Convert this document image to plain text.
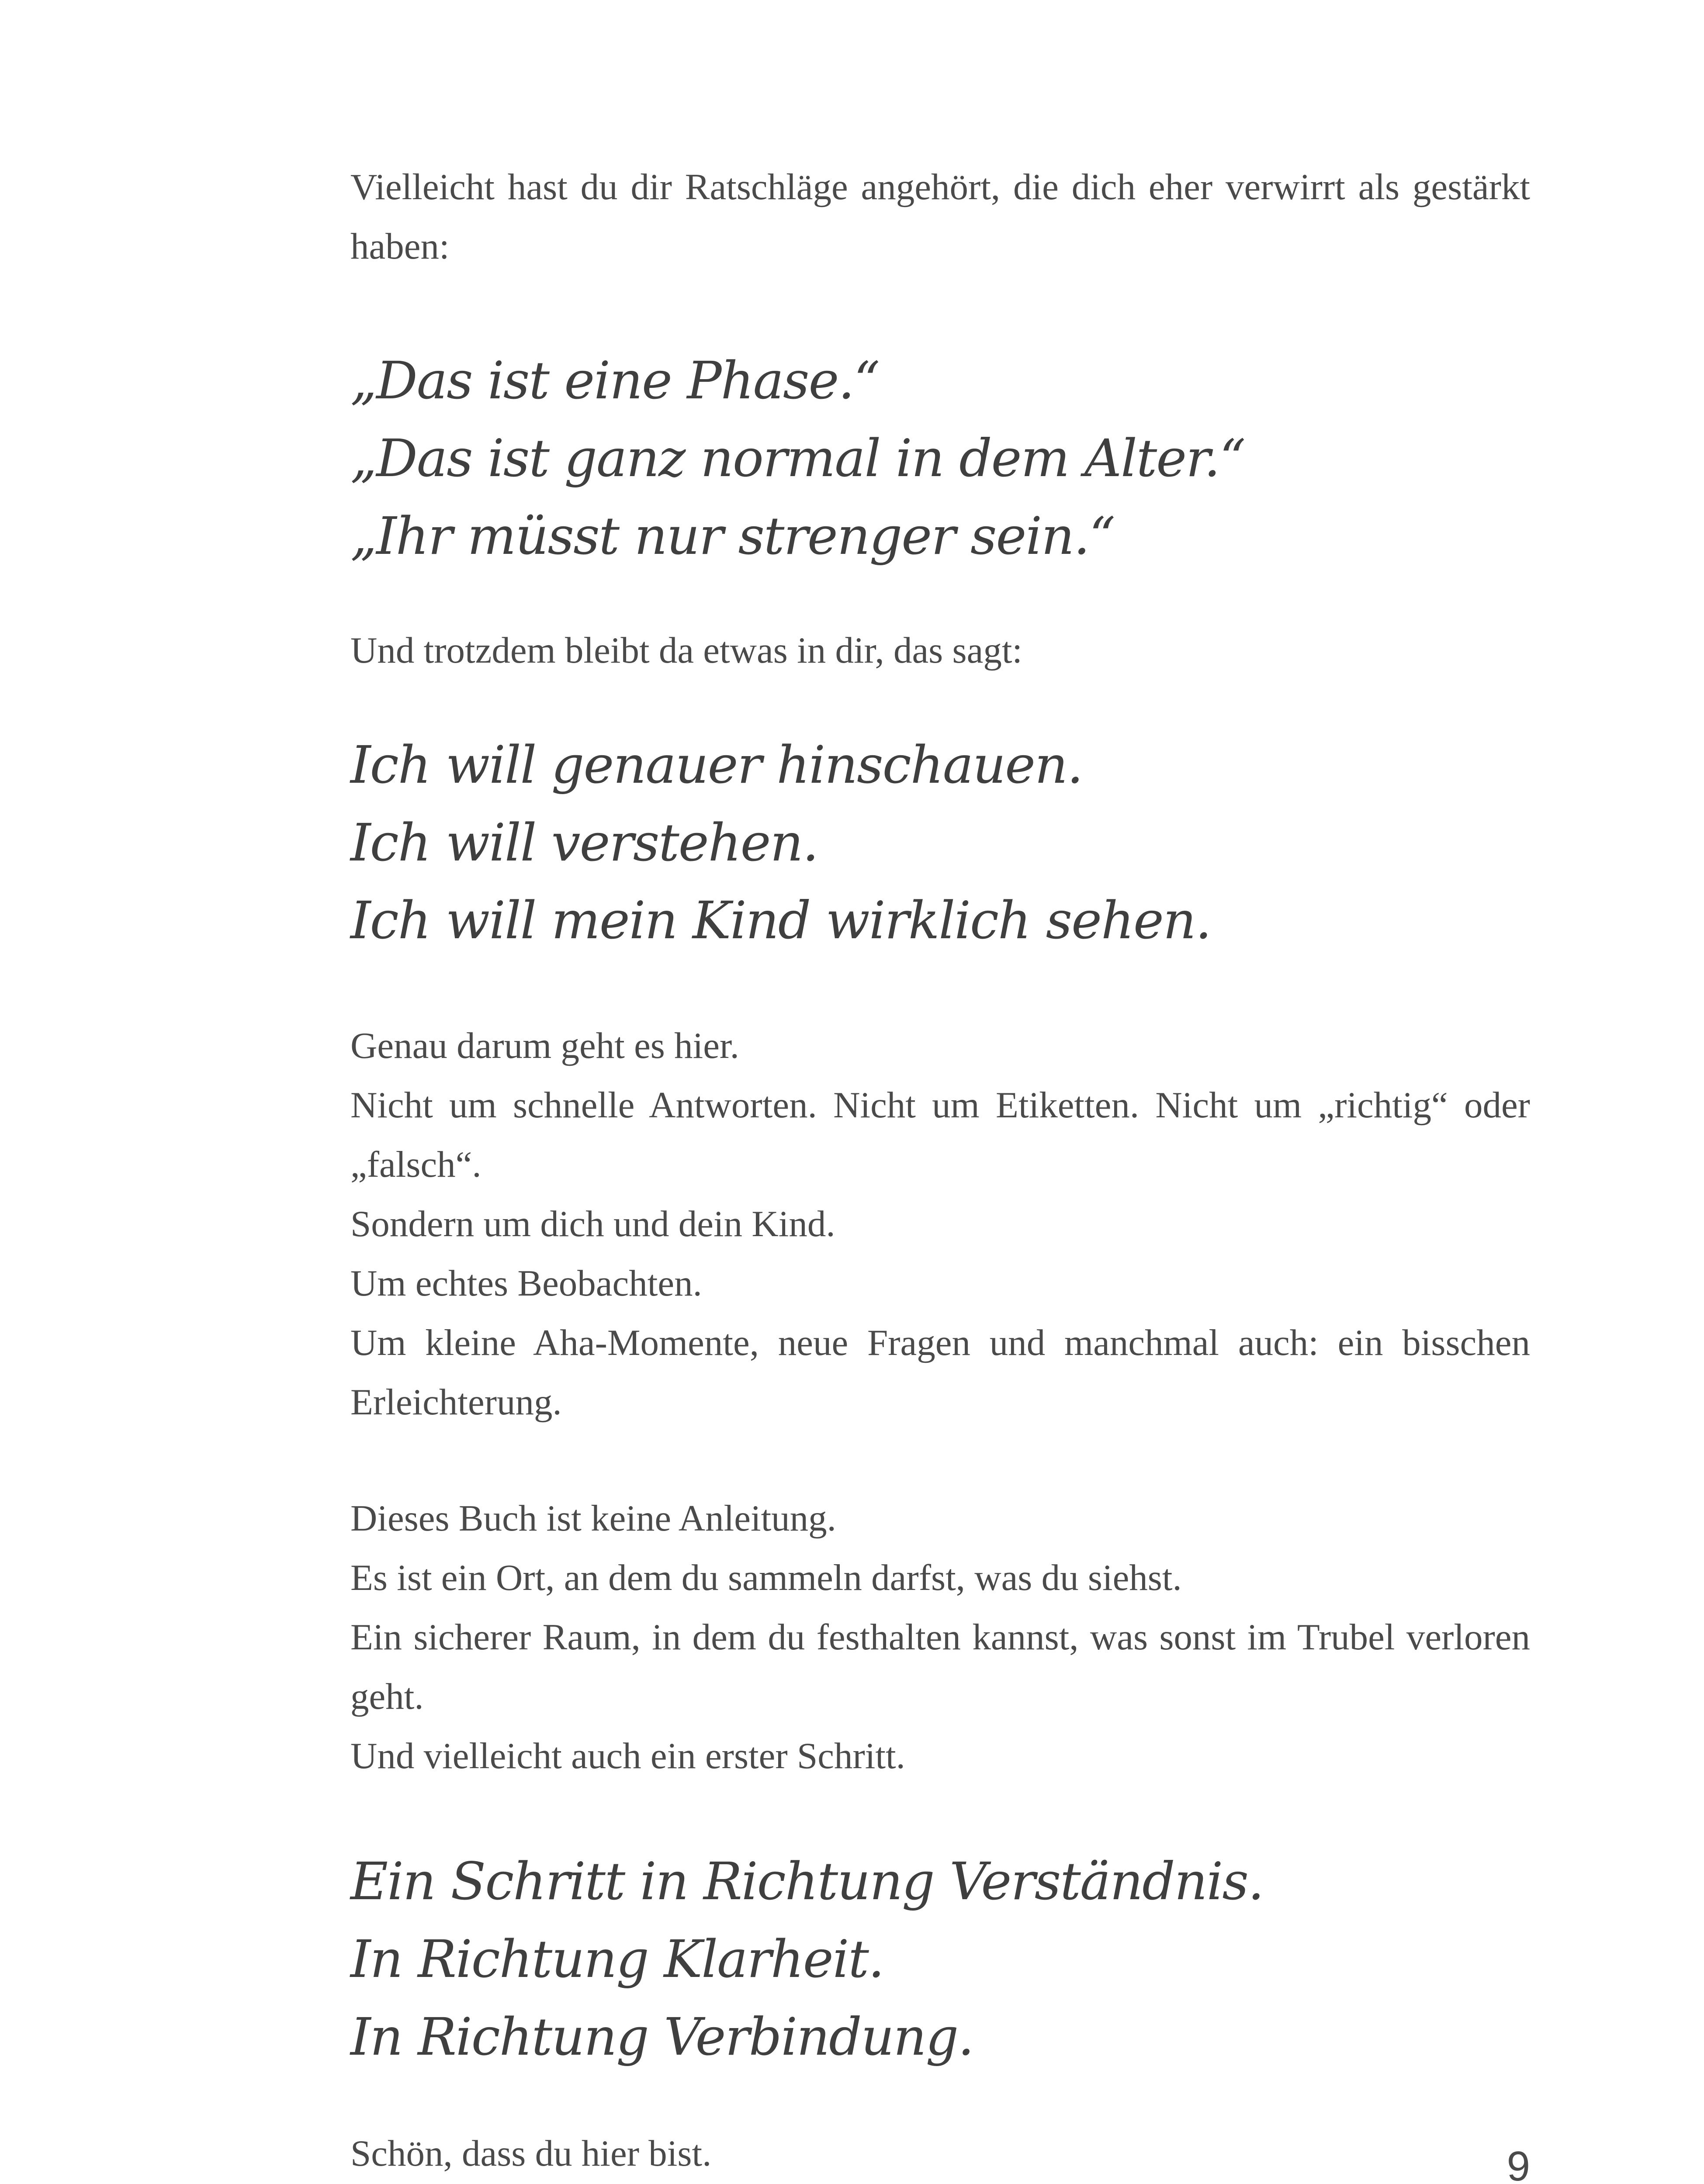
Vielleicht hast du dir Ratschläge angehört, die dich eher verwirrt als gestärkt haben:

„Das ist eine Phase.“

„Das ist ganz normal in dem Alter.“

„Ihr müsst nur strenger sein.“

Und trotzdem bleibt da etwas in dir, das sagt:

Ich will genauer hinschauen.

Ich will verstehen.

Ich will mein Kind wirklich sehen.

Genau darum geht es hier.

Nicht um schnelle Antworten. Nicht um Etiketten. Nicht um „richtig“ oder „falsch“.

Sondern um dich und dein Kind.

Um echtes Beobachten.

Um kleine Aha-Momente, neue Fragen und manchmal auch: ein bisschen Erleichterung.

Dieses Buch ist keine Anleitung.

Es ist ein Ort, an dem du sammeln darfst, was du siehst.

Ein sicherer Raum, in dem du festhalten kannst, was sonst im Trubel verloren geht.

Und vielleicht auch ein erster Schritt.

Ein Schritt in Richtung Verständnis.

In Richtung Klarheit.

In Richtung Verbindung.

Schön, dass du hier bist.	9
